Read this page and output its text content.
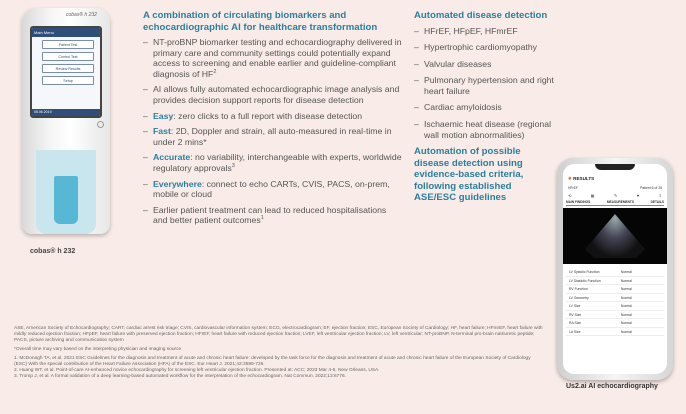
cobas® h 232
Main Menu
Patient Test
Control Test
Review Results
Setup
05.06.2019
cobas® h 232
A combination of circulating biomarkers and echocardiographic AI for healthcare transformation
– NT-proBNP biomarker testing and echocardiography delivered in primary care and community settings could potentially expand access to screening and enable earlier and guideline-compliant diagnosis of $HF^2$
– AI allows fully automated echocardiographic image analysis and provides decision support reports for disease detection
– Easy: zero clicks to a full report with disease detection
– Fast: 2D, Doppler and strain, all auto-measured in real-time in under 2 mins*
– Accurate: no variability, interchangeable with experts, worldwide regulatory approvals$^3$
– Everywhere: connect to echo CARTs, CVIS, PACS, on-prem, mobile or cloud
– Earlier patient treatment can lead to reduced hospitalisations and better patient outcomes$^1$
Automated disease detection
– HFrEF, HFpEF, HFmrEF
– Hypertrophic cardiomyopathy
– Valvular diseases
– Pulmonary hypertension and right heart failure
– Cardiac amyloidosis
– Ischaemic heat disease (regional wall motion abnormalities)
Automation of possible disease detection using evidence-based criteria, following established ASE/ESC guidelines
✺ RESULTS
HFrEF	Patient 6 of 25
⟲	▦	✎	♥	⇪
MAIN FINDINGS	MEASUREMENTS	DETAILS
LV Systolic Function	Normal
LV Diastolic Function	Normal
RV Function	Normal
LV Geometry	Normal
LV Size	Normal
RV Size	Normal
RA Size	Normal
LA Size	Normal
Us2.ai AI echocardiography

ASE, American Society of Echocardiography; CART, cardiac arrest risk triage; CVIS, cardiovascular information system; ECG, electrocardiogram; EF, ejection fraction; ESC, European Society of Cardiology; HF, heart failure; HFmrEF, heart failure with mildly reduced ejection fraction; HFpEF, heart failure with preserved ejection fraction; HFrEF, heart failure with reduced ejection fraction; LVEF, left ventricular ejection fraction; LV, left ventricular; NT-proBNP, N-terminal pro-brain natriuretic peptide; PACS, picture archiving and communication system

*Overall time may vary based on the interpreting physician and imaging source

1. McDonagh TA, et al. 2021 ESC Guidelines for the diagnosis and treatment of acute and chronic heart failure: developed by the task force for the diagnosis and treatment of acute and chronic heart failure of the European Society of Cardiology (ESC) With the special contribution of the Heart Failure Association (HFA) of the ESC. Eur Heart J. 2021;42:3599-726.

2. Huang WT, et al. Point-of-care AI-enhanced novice echocardiography for screening left ventricular ejection fraction. Presented at: ACC; 2023 Mar 4-6, New Orleans, USA.

3. Tromp J, et al. A formal validation of a deep learning-based automated workflow for the interpretation of the echocardiogram. Nat Commun. 2022;13:6776.
